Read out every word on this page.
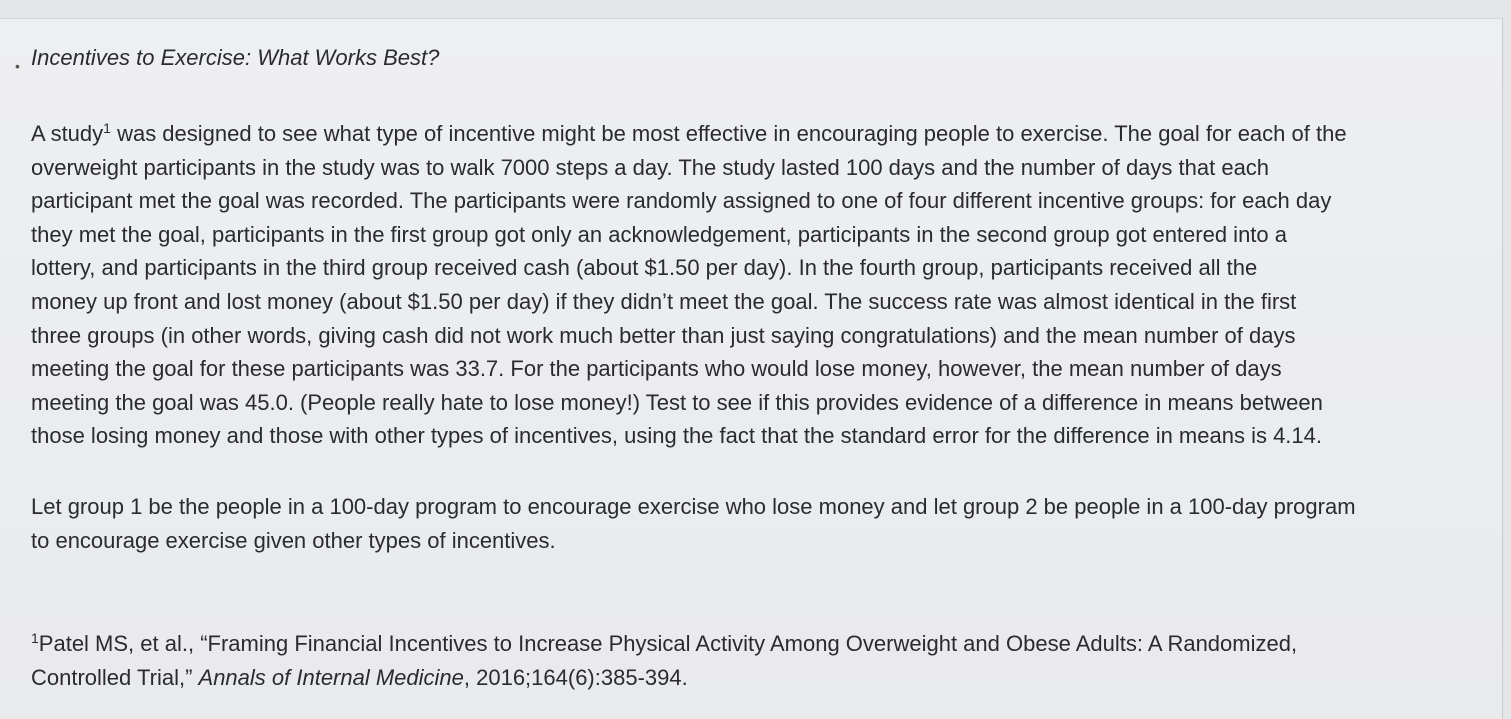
• Incentives to Exercise: What Works Best?
A study$^1$ was designed to see what type of incentive might be most effective in encouraging people to exercise. The goal for each of the
overweight participants in the study was to walk 7000 steps a day. The study lasted 100 days and the number of days that each
participant met the goal was recorded. The participants were randomly assigned to one of four different incentive groups: for each day
they met the goal, participants in the first group got only an acknowledgement, participants in the second group got entered into a
lottery, and participants in the third group received cash (about $1.50 per day). In the fourth group, participants received all the
money up front and lost money (about $1.50 per day) if they didn’t meet the goal. The success rate was almost identical in the first
three groups (in other words, giving cash did not work much better than just saying congratulations) and the mean number of days
meeting the goal for these participants was 33.7. For the participants who would lose money, however, the mean number of days
meeting the goal was 45.0. (People really hate to lose money!) Test to see if this provides evidence of a difference in means between
those losing money and those with other types of incentives, using the fact that the standard error for the difference in means is 4.14.
Let group 1 be the people in a 100-day program to encourage exercise who lose money and let group 2 be people in a 100-day program
to encourage exercise given other types of incentives.
$^1$Patel MS, et al., “Framing Financial Incentives to Increase Physical Activity Among Overweight and Obese Adults: A Randomized,
Controlled Trial,” Annals of Internal Medicine, 2016;164(6):385-394.
